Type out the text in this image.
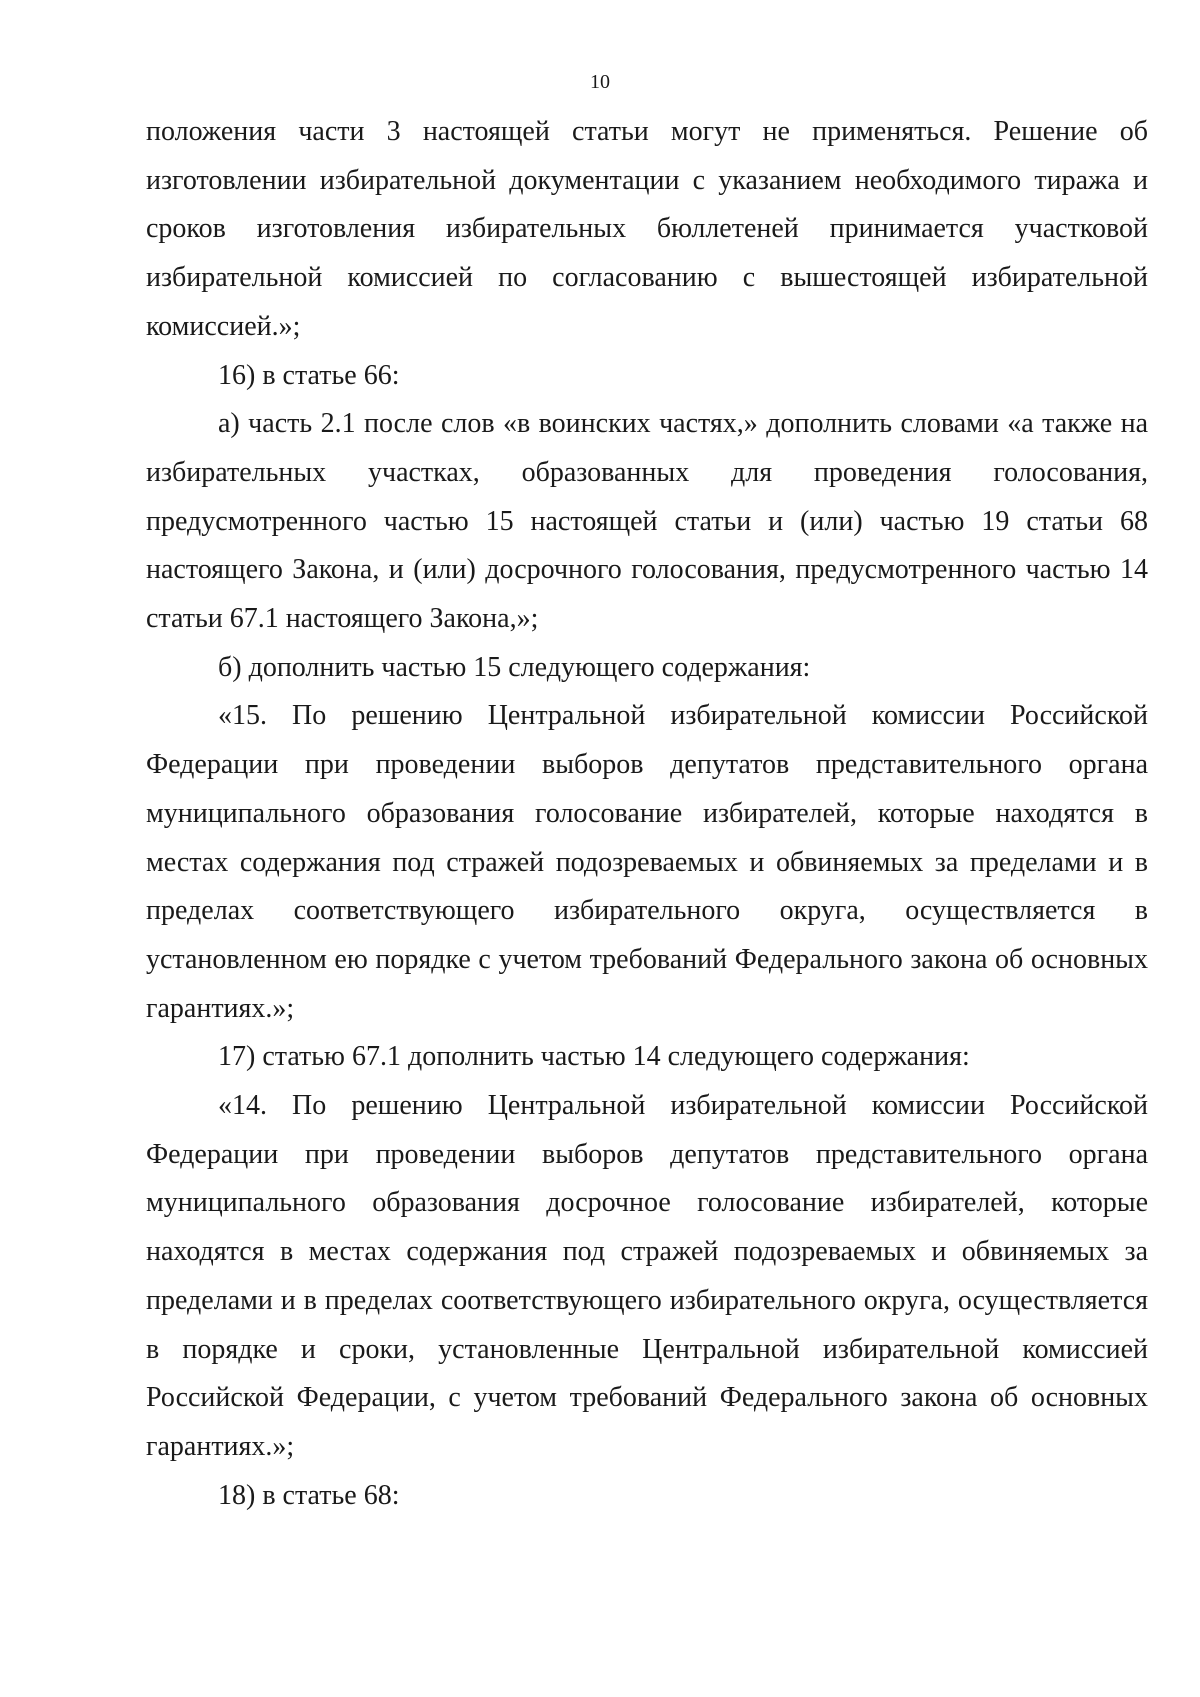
10

положения части 3 настоящей статьи могут не применяться. Решение об изготовлении избирательной документации с указанием необходимого тиража и сроков изготовления избирательных бюллетеней принимается участковой избирательной комиссией по согласованию с вышестоящей избирательной комиссией.»;

16) в статье 66:

а) часть 2.1 после слов «в воинских частях,» дополнить словами «а также на избирательных участках, образованных для проведения голосования, предусмотренного частью 15 настоящей статьи и (или) частью 19 статьи 68 настоящего Закона, и (или) досрочного голосования, предусмотренного частью 14 статьи 67.1 настоящего Закона,»;

б) дополнить частью 15 следующего содержания:

«15. По решению Центральной избирательной комиссии Российской Федерации при проведении выборов депутатов представительного органа муниципального образования голосование избирателей, которые находятся в местах содержания под стражей подозреваемых и обвиняемых за пределами и в пределах соответствующего избирательного округа, осуществляется в установленном ею порядке с учетом требований Федерального закона об основных гарантиях.»;

17) статью 67.1 дополнить частью 14 следующего содержания:

«14. По решению Центральной избирательной комиссии Российской Федерации при проведении выборов депутатов представительного органа муниципального образования досрочное голосование избирателей, которые находятся в местах содержания под стражей подозреваемых и обвиняемых за пределами и в пределах соответствующего избирательного округа, осуществляется в порядке и сроки, установленные Центральной избирательной комиссией Российской Федерации, с учетом требований Федерального закона об основных гарантиях.»;

18) в статье 68:
